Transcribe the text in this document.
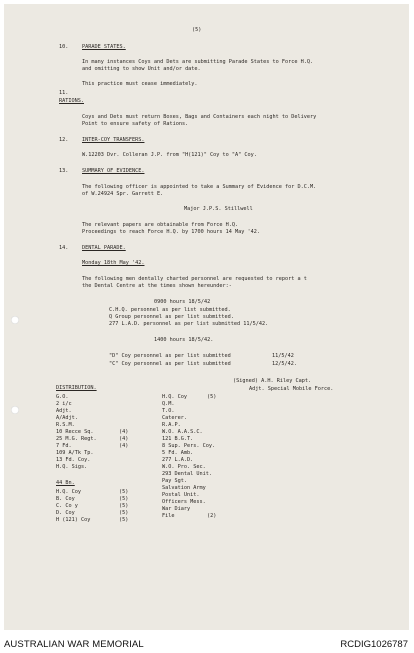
(5)
10.	PARADE STATES.
In many instances Coys and Dets are submitting Parade States to Force H.Q.
and omitting to show Unit and/or date.
This practice must cease immediately.
11.
RATIONS.
Coys and Dets must return Boxes, Bags and Containers each night to Delivery
Point to ensure safety of Rations.
12.	INTER-COY TRANSFERS.
W.12203 Dvr. Colleran J.P. from "H(121)" Coy to "A" Coy.
13.	SUMMARY OF EVIDENCE.
The following officer is appointed to take a Summary of Evidence for D.C.M.
of W.24924 Spr. Garrett E.
Major J.P.S. Stillwell
The relevant papers are obtainable from Force H.Q.
Proceedings to reach Force H.Q. by 1700 hours 14 May '42.
14.	DENTAL PARADE.
Monday 18th May '42.
The following men dentally charted personnel are requested to report a t
the Dental Centre at the times shown hereunder:-
0900 hours 18/5/42
C.H.Q. personnel as per list submitted.
Q Group personnel as per list submitted.
277 L.A.D. personnel as per list submitted 11/5/42.
1400 hours 18/5/42.
"D" Coy personnel as per list submitted	11/5/42
"C" Coy personnel as per list submitted	12/5/42.
(Signed) A.H. Riley Capt.
Adjt. Special Mobile Force.
DISTRIBUTION.
G.O.
2 i/c
Adjt.
A/Adjt.
R.S.M.
10 Recce Sq.	(4)
25 M.G. Regt.	(4)
7 Fd.	(4)
109 A/Tk Tp.
13 Fd. Coy.
H.Q. Sigs.
44 Bn.
H.Q. Coy	(5)
B. Coy	(5)
C. Co y	(5)
D. Coy	(5)
H (121) Coy	(5)
H.Q. Coy	(5)
Q.M.
T.O.
Caterer.
R.A.P.
W.O. A.A.S.C.
121 B.G.T.
8 Sup. Pers. Coy.
5 Fd. Amb.
277 L.A.D.
W.O. Pro. Sec.
293 Dental Unit.
Pay Sgt.
Salvation Army
Postal Unit.
Officers Mess.
War Diary
File	(2)
AUSTRALIAN WAR MEMORIAL	RCDIG1026787
